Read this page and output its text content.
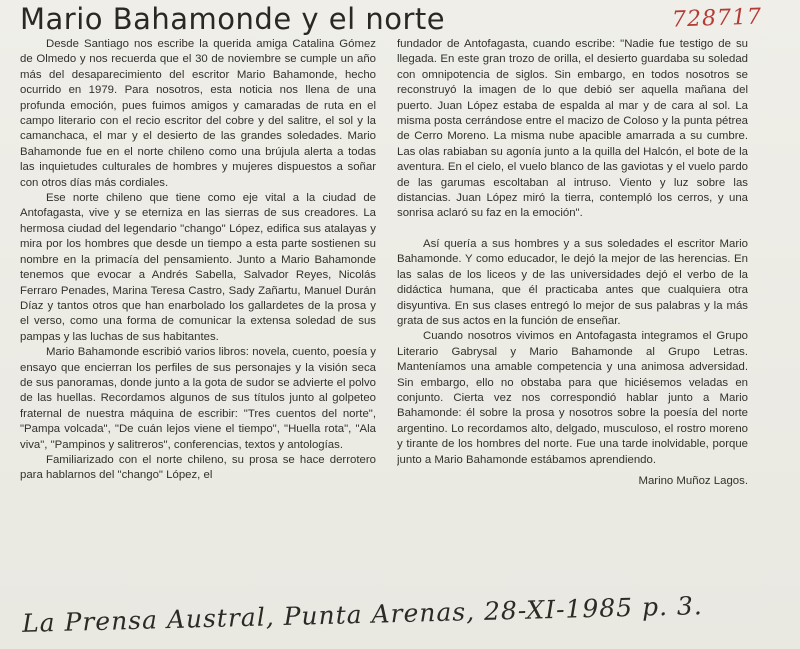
Mario Bahamonde y el norte	728717

Desde Santiago nos escribe la querida amiga Catalina Gómez de Olmedo y nos recuerda que el 30 de noviembre se cumple un año más del desaparecimiento del escritor Mario Bahamonde, hecho ocurrido en 1979. Para nosotros, esta noticia nos llena de una profunda emoción, pues fuimos amigos y camaradas de ruta en el campo literario con el recio escritor del cobre y del salitre, el sol y la camanchaca, el mar y el desierto de las grandes soledades. Mario Bahamonde fue en el norte chileno como una brújula alerta a todas las inquietudes culturales de hombres y mujeres dispuestos a soñar con otros días más cordiales.

Ese norte chileno que tiene como eje vital a la ciudad de Antofagasta, vive y se eterniza en las sierras de sus creadores. La hermosa ciudad del legendario "chango" López, edifica sus atalayas y mira por los hombres que desde un tiempo a esta parte sostienen su nombre en la primacía del pensamiento. Junto a Mario Bahamonde tenemos que evocar a Andrés Sabella, Salvador Reyes, Nicolás Ferraro Penades, Marina Teresa Castro, Sady Zañartu, Manuel Durán Díaz y tantos otros que han enarbolado los gallardetes de la prosa y el verso, como una forma de comunicar la extensa soledad de sus pampas y las luchas de sus habitantes.

Mario Bahamonde escribió varios libros: novela, cuento, poesía y ensayo que encierran los perfiles de sus personajes y la visión seca de sus panoramas, donde junto a la gota de sudor se advierte el polvo de las huellas. Recordamos algunos de sus títulos junto al golpeteo fraternal de nuestra máquina de escribir: "Tres cuentos del norte", "Pampa volcada", "De cuán lejos viene el tiempo", "Huella rota", "Ala viva", "Pampinos y salitreros", conferencias, textos y antologías.

Familiarizado con el norte chileno, su prosa se hace derrotero para hablarnos del "chango" López, el

fundador de Antofagasta, cuando escribe: "Nadie fue testigo de su llegada. En este gran trozo de orilla, el desierto guardaba su soledad con omnipotencia de siglos. Sin embargo, en todos nosotros se reconstruyó la imagen de lo que debió ser aquella mañana del puerto. Juan López estaba de espalda al mar y de cara al sol. La misma posta cerrándose entre el macizo de Coloso y la punta pétrea de Cerro Moreno. La misma nube apacible amarrada a su cumbre. Las olas rabiaban su agonía junto a la quilla del Halcón, el bote de la aventura. En el cielo, el vuelo blanco de las gaviotas y el vuelo pardo de las garumas escoltaban al intruso. Viento y luz sobre las distancias. Juan López miró la tierra, contempló los cerros, y una sonrisa aclaró su faz en la emoción".

Así quería a sus hombres y a sus soledades el escritor Mario Bahamonde. Y como educador, le dejó la mejor de las herencias. En las salas de los liceos y de las universidades dejó el verbo de la didáctica humana, que él practicaba antes que cualquiera otra disyuntiva. En sus clases entregó lo mejor de sus palabras y la más grata de sus actos en la función de enseñar.

Cuando nosotros vivimos en Antofagasta integramos el Grupo Literario Gabrysal y Mario Bahamonde al Grupo Letras. Manteníamos una amable competencia y una animosa adversidad. Sin embargo, ello no obstaba para que hiciésemos veladas en conjunto. Cierta vez nos correspondió hablar junto a Mario Bahamonde: él sobre la prosa y nosotros sobre la poesía del norte argentino. Lo recordamos alto, delgado, musculoso, el rostro moreno y tirante de los hombres del norte. Fue una tarde inolvidable, porque junto a Mario Bahamonde estábamos aprendiendo.

Marino Muñoz Lagos.

La Prensa Austral, Punta Arenas, 28-XI-1985 p. 3.
